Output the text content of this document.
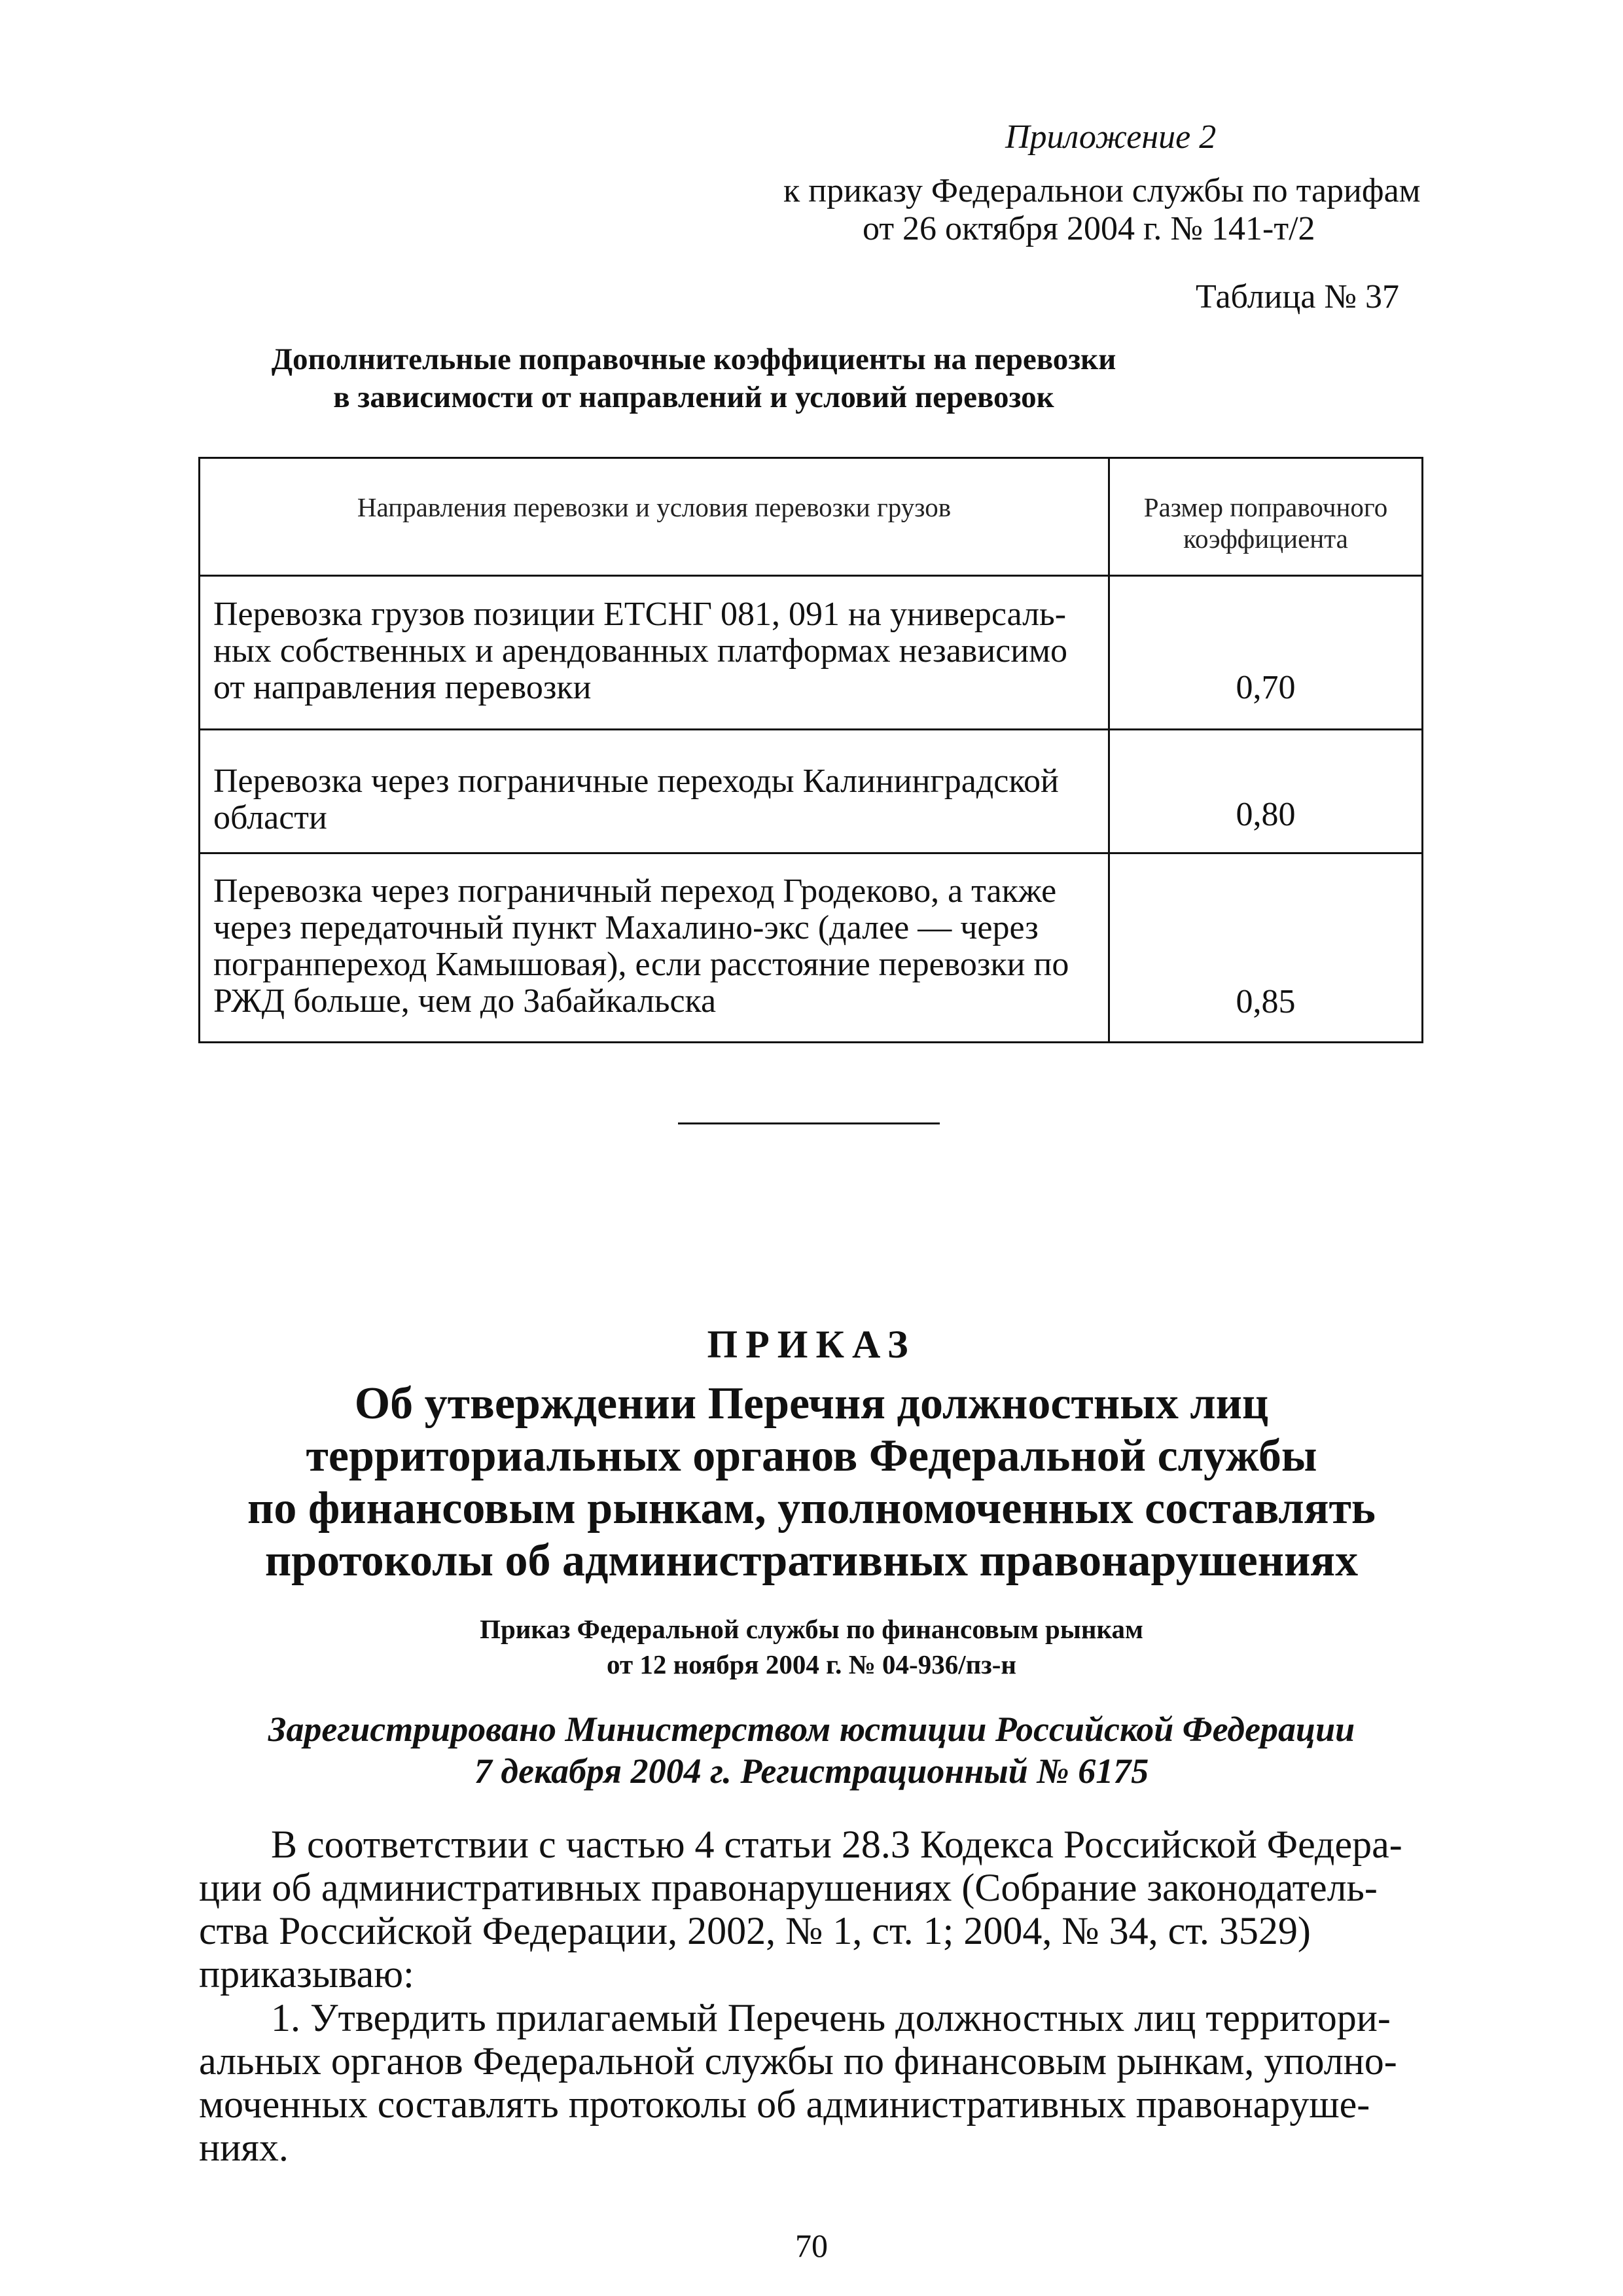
Приложение 2

к приказу Федеральнои службы по тарифам

от 26 октября 2004 г. № 141-т/2

Таблица № 37

Дополнительные поправочные коэффициенты на перевозки
в зависимости от направлений и условий перевозок
Направления перевозки и условия перевозки грузов	Размер поправочного
коэффициента
Перевозка грузов позиции ЕТСНГ 081, 091 на универсаль-
ных собственных и арендованных платформах независимо
от направления перевозки	0,70
Перевозка через пограничные переходы Калининградской
области	0,80
Перевозка через пограничный переход Гродеково, а также
через передаточный пункт Махалино-экс (далее — через
погранпереход Камышовая), если расстояние перевозки по
РЖД больше, чем до Забайкальска	0,85

ПРИКАЗ

Об утверждении Перечня должностных лиц
территориальных органов Федеральной службы
по финансовым рынкам, уполномоченных составлять
протоколы об административных правонарушениях
Приказ Федеральной службы по финансовым рынкам
от 12 ноября 2004 г. № 04-936/пз-н
Зарегистрировано Министерством юстиции Российской Федерации
7 декабря 2004 г. Регистрационный № 6175
В соответствии с частью 4 статьи 28.3 Кодекса Российской Федера-
ции об административных правонарушениях (Собрание законодатель-
ства Российской Федерации, 2002, № 1, ст. 1; 2004, № 34, ст. 3529)
приказываю:
1. Утвердить прилагаемый Перечень должностных лиц территори-
альных органов Федеральной службы по финансовым рынкам, уполно-
моченных составлять протоколы об административных правонаруше-
ниях.

70
